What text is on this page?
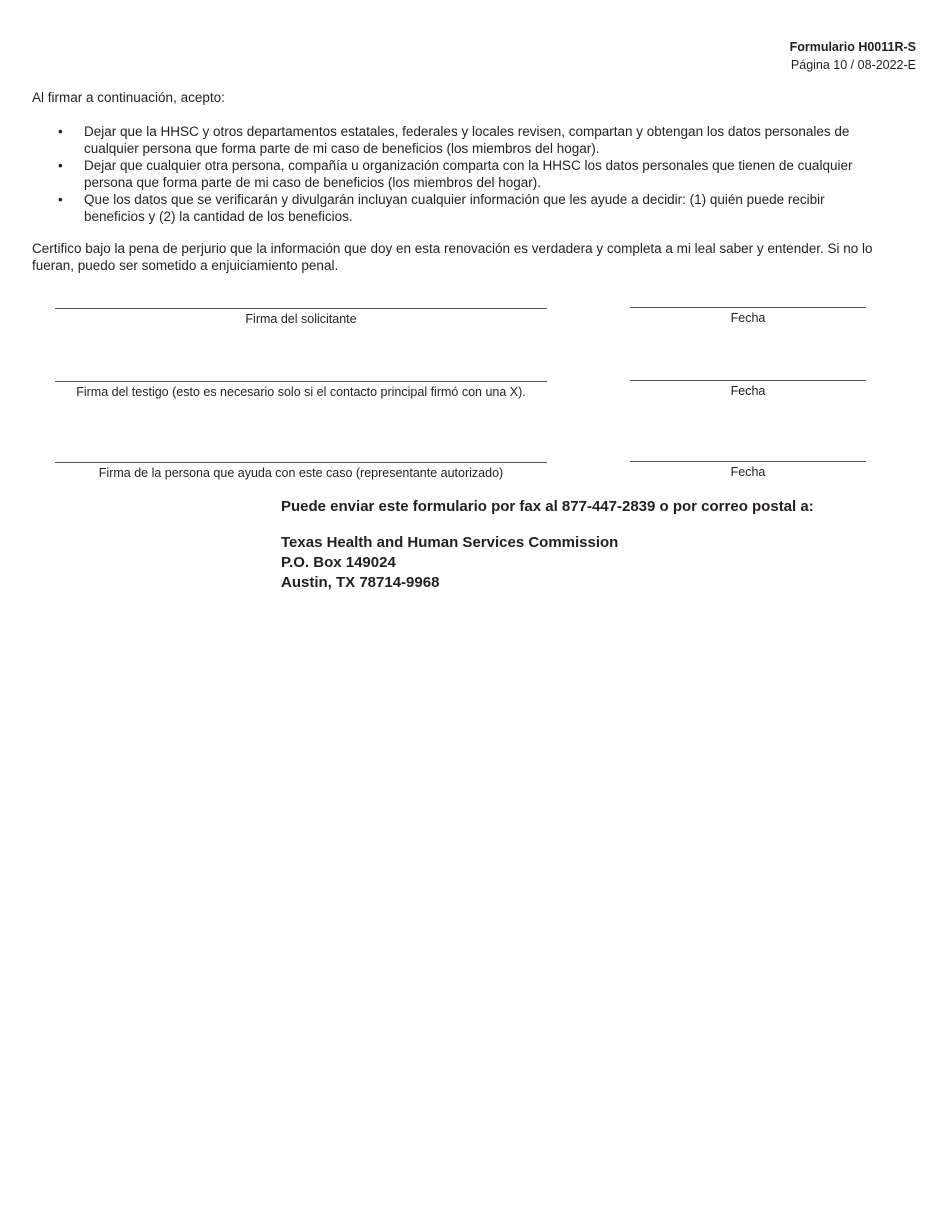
Formulario H0011R-S
Página 10 / 08-2022-E
Al firmar a continuación, acepto:
• Dejar que la HHSC y otros departamentos estatales, federales y locales revisen, compartan y obtengan los datos personales de cualquier persona que forma parte de mi caso de beneficios (los miembros del hogar).
• Dejar que cualquier otra persona, compañía u organización comparta con la HHSC los datos personales que tienen de cualquier persona que forma parte de mi caso de beneficios (los miembros del hogar).
• Que los datos que se verificarán y divulgarán incluyan cualquier información que les ayude a decidir: (1) quién puede recibir beneficios y (2) la cantidad de los beneficios.

Certifico bajo la pena de perjurio que la información que doy en esta renovación es verdadera y completa a mi leal saber y entender. Si no lo fueran, puedo ser sometido a enjuiciamiento penal.

Firma del solicitante	Fecha
Firma del testigo (esto es necesario solo si el contacto principal firmó con una X).	Fecha
Firma de la persona que ayuda con este caso (representante autorizado)	Fecha
Puede enviar este formulario por fax al 877-447-2839 o por correo postal a:
Texas Health and Human Services Commission
P.O. Box 149024
Austin, TX 78714-9968
